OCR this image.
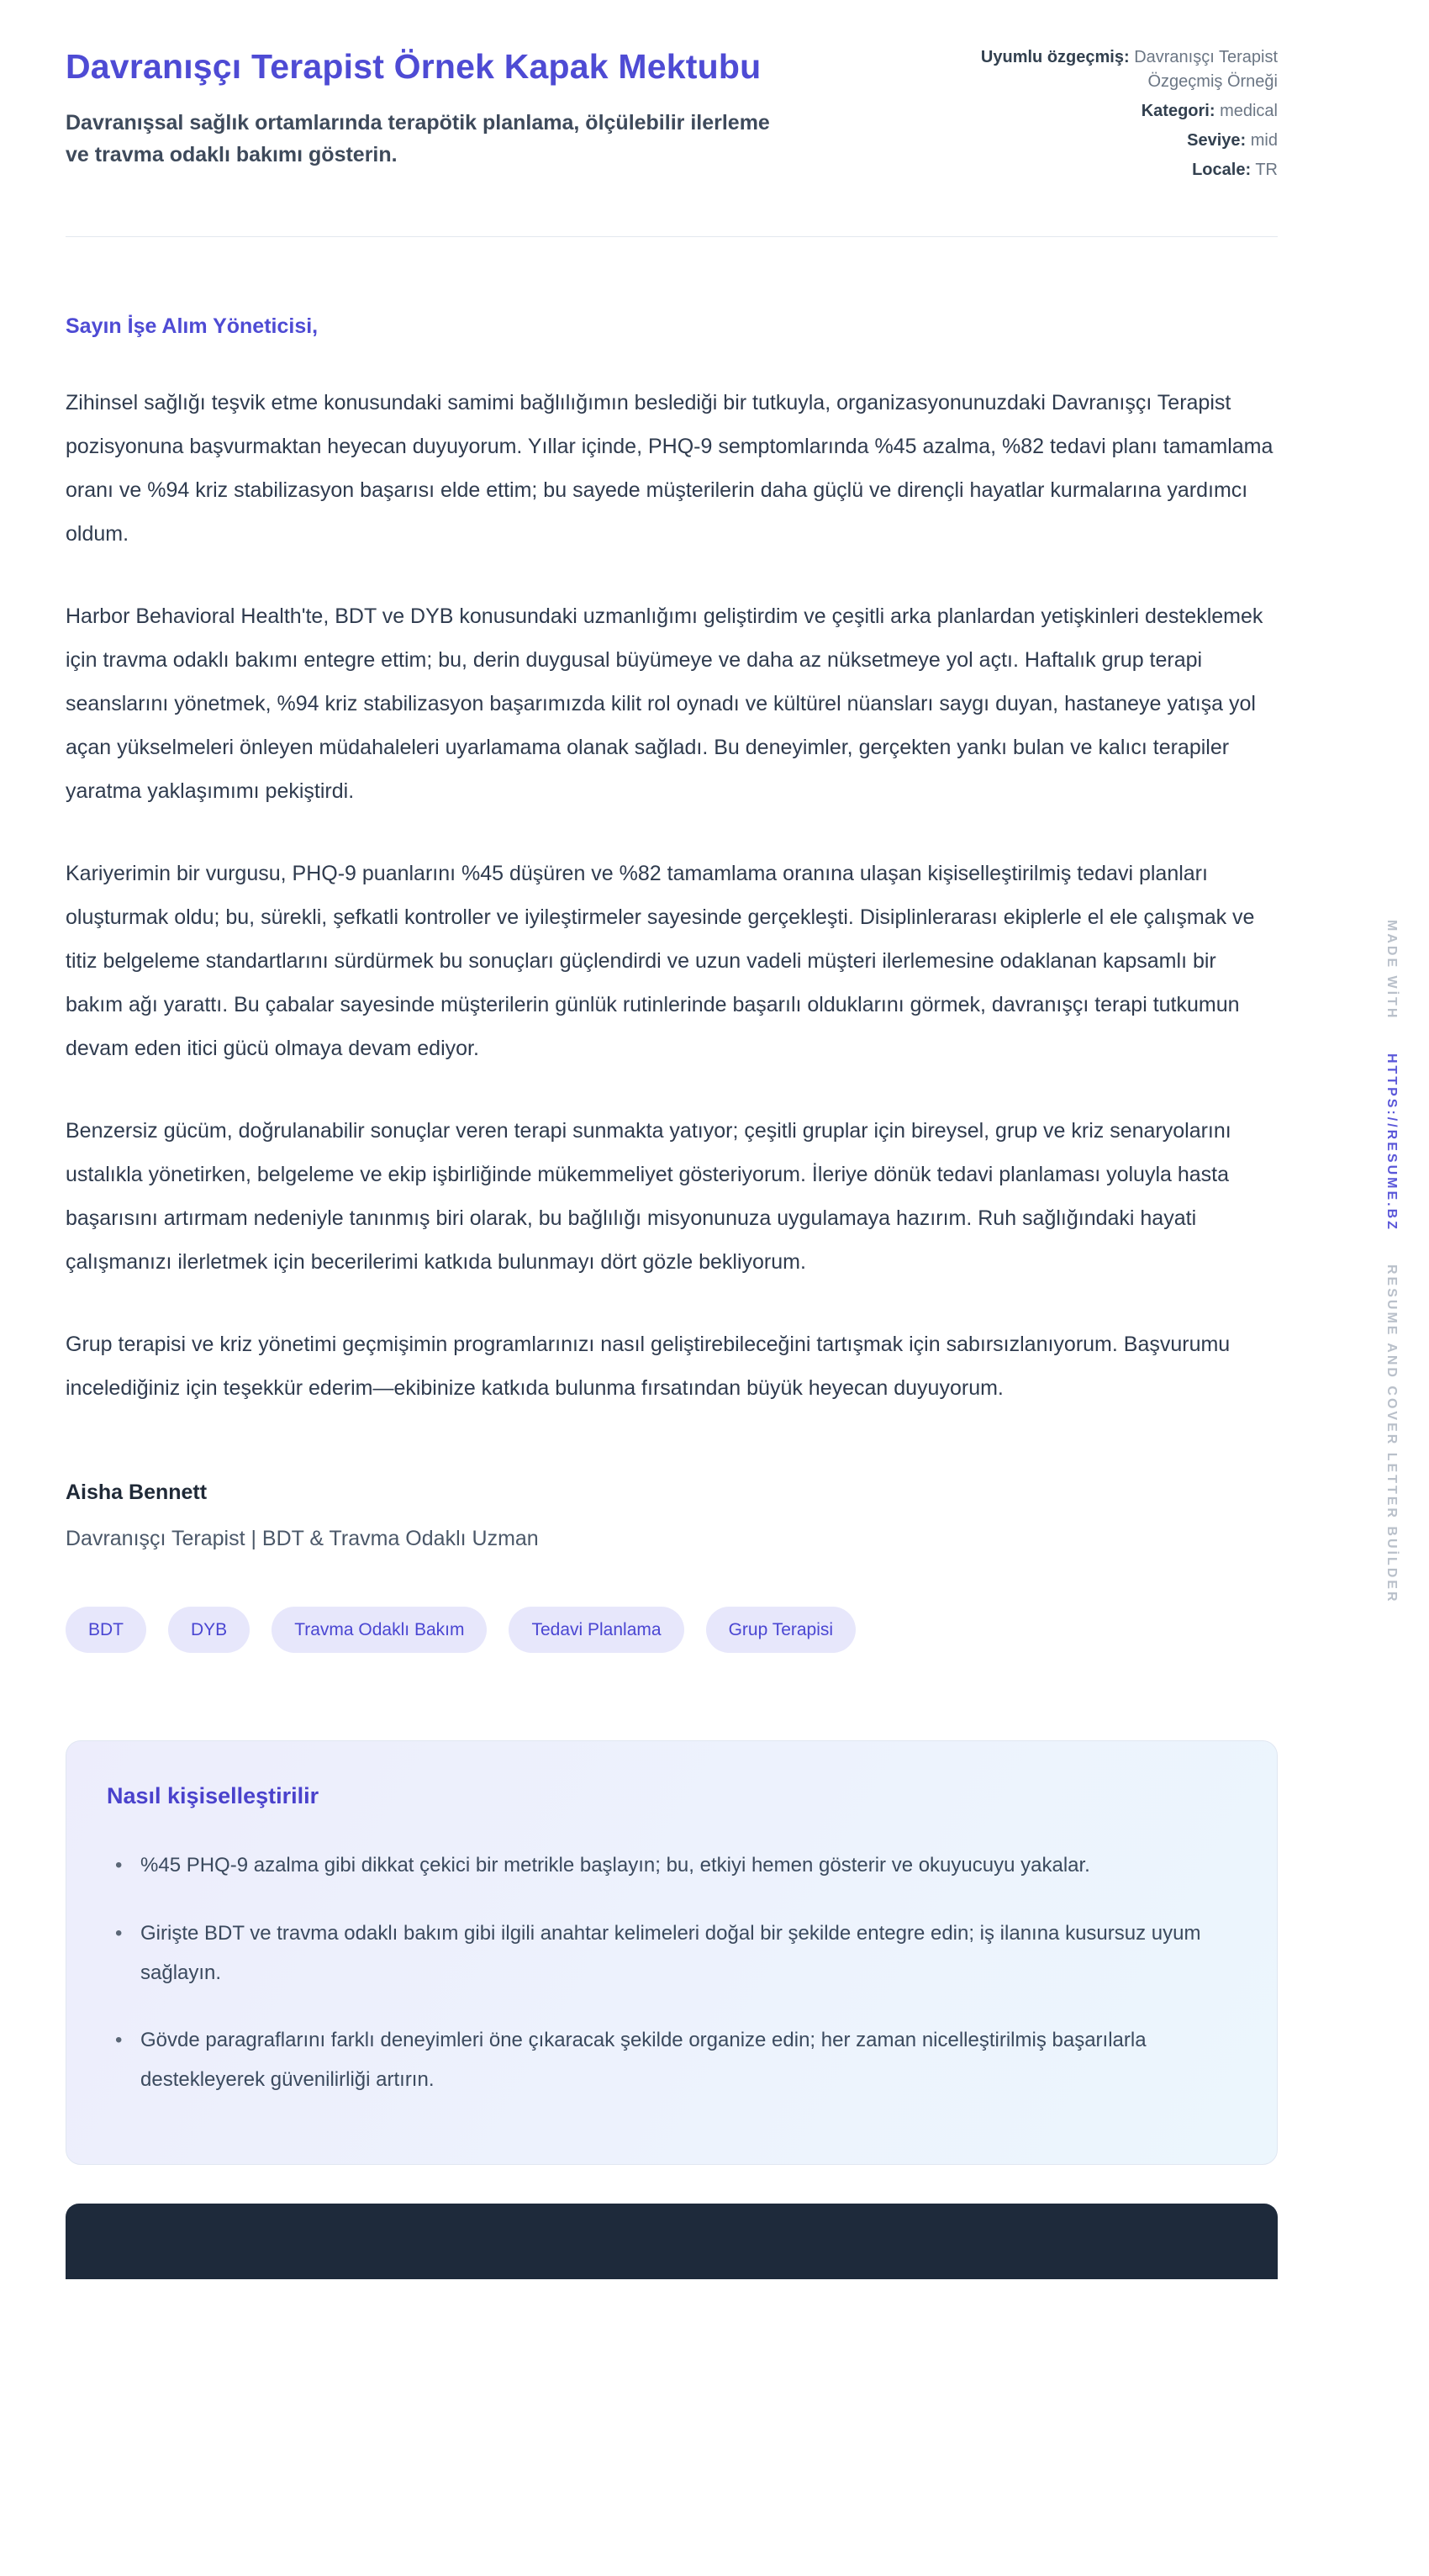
Davranışçı Terapist Örnek Kapak Mektubu

Davranışsal sağlık ortamlarında terapötik planlama, ölçülebilir ilerleme ve travma odaklı bakımı gösterin.

Uyumlu özgeçmiş: Davranışçı Terapist Özgeçmiş Örneği
Kategori: medical
Seviye: mid
Locale: TR

Sayın İşe Alım Yöneticisi,

Zihinsel sağlığı teşvik etme konusundaki samimi bağlılığımın beslediği bir tutkuyla, organizasyonunuzdaki Davranışçı Terapist pozisyonuna başvurmaktan heyecan duyuyorum. Yıllar içinde, PHQ-9 semptomlarında %45 azalma, %82 tedavi planı tamamlama oranı ve %94 kriz stabilizasyon başarısı elde ettim; bu sayede müşterilerin daha güçlü ve dirençli hayatlar kurmalarına yardımcı oldum.

Harbor Behavioral Health'te, BDT ve DYB konusundaki uzmanlığımı geliştirdim ve çeşitli arka planlardan yetişkinleri desteklemek için travma odaklı bakımı entegre ettim; bu, derin duygusal büyümeye ve daha az nüksetmeye yol açtı. Haftalık grup terapi seanslarını yönetmek, %94 kriz stabilizasyon başarımızda kilit rol oynadı ve kültürel nüansları saygı duyan, hastaneye yatışa yol açan yükselmeleri önleyen müdahaleleri uyarlamama olanak sağladı. Bu deneyimler, gerçekten yankı bulan ve kalıcı terapiler yaratma yaklaşımımı pekiştirdi.

Kariyerimin bir vurgusu, PHQ-9 puanlarını %45 düşüren ve %82 tamamlama oranına ulaşan kişiselleştirilmiş tedavi planları oluşturmak oldu; bu, sürekli, şefkatli kontroller ve iyileştirmeler sayesinde gerçekleşti. Disiplinlerarası ekiplerle el ele çalışmak ve titiz belgeleme standartlarını sürdürmek bu sonuçları güçlendirdi ve uzun vadeli müşteri ilerlemesine odaklanan kapsamlı bir bakım ağı yarattı. Bu çabalar sayesinde müşterilerin günlük rutinlerinde başarılı olduklarını görmek, davranışçı terapi tutkumun devam eden itici gücü olmaya devam ediyor.

Benzersiz gücüm, doğrulanabilir sonuçlar veren terapi sunmakta yatıyor; çeşitli gruplar için bireysel, grup ve kriz senaryolarını ustalıkla yönetirken, belgeleme ve ekip işbirliğinde mükemmeliyet gösteriyorum. İleriye dönük tedavi planlaması yoluyla hasta başarısını artırmam nedeniyle tanınmış biri olarak, bu bağlılığı misyonunuza uygulamaya hazırım. Ruh sağlığındaki hayati çalışmanızı ilerletmek için becerilerimi katkıda bulunmayı dört gözle bekliyorum.

Grup terapisi ve kriz yönetimi geçmişimin programlarınızı nasıl geliştirebileceğini tartışmak için sabırsızlanıyorum. Başvurumu incelediğiniz için teşekkür ederim—ekibinize katkıda bulunma fırsatından büyük heyecan duyuyorum.

Aisha Bennett

Davranışçı Terapist | BDT & Travma Odaklı Uzman

BDT	DYB	Travma Odaklı Bakım	Tedavi Planlama	Grup Terapisi
Nasıl kişiselleştirilir
• %45 PHQ-9 azalma gibi dikkat çekici bir metrikle başlayın; bu, etkiyi hemen gösterir ve okuyucuyu yakalar.
• Girişte BDT ve travma odaklı bakım gibi ilgili anahtar kelimeleri doğal bir şekilde entegre edin; iş ilanına kusursuz uyum sağlayın.
• Gövde paragraflarını farklı deneyimleri öne çıkaracak şekilde organize edin; her zaman nicelleştirilmiş başarılarla destekleyerek güvenilirliği artırın.
MADE WİTH HTTPS://RESUME.BZ RESUME AND COVER LETTER BUİLDER
